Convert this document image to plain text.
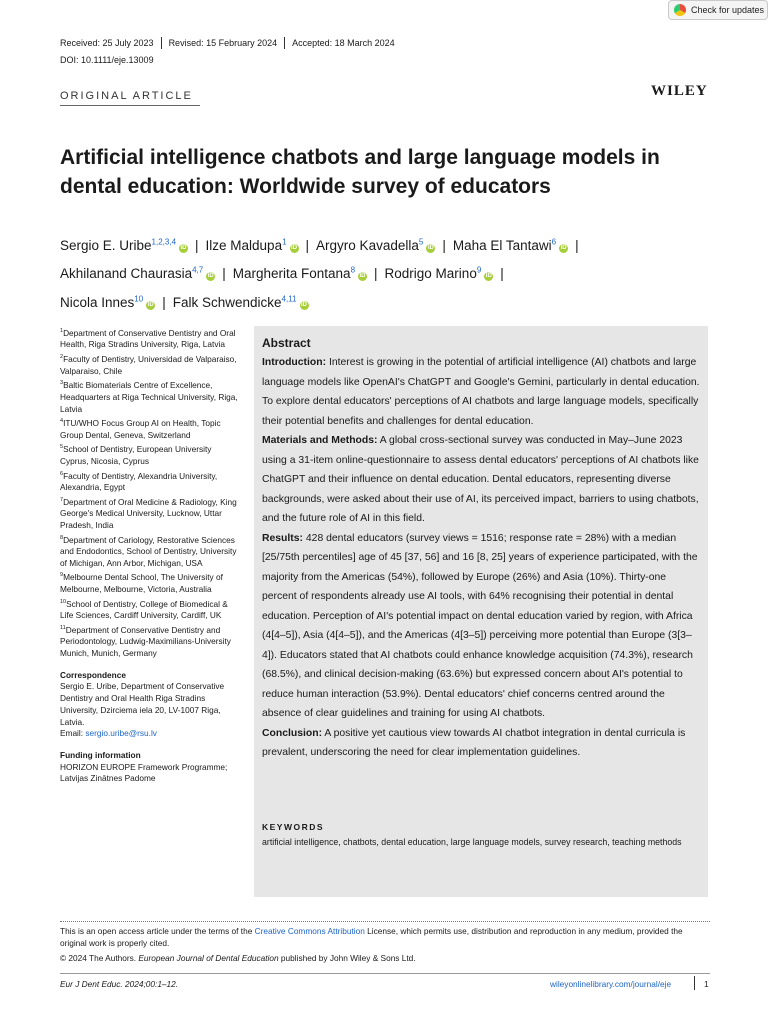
Check for updates
Received: 25 July 2023	Revised: 15 February 2024	Accepted: 18 March 2024
DOI: 10.1111/eje.13009
ORIGINAL ARTICLE	WILEY
Artificial intelligence chatbots and large language models in dental education: Worldwide survey of educators
Sergio E. Uribe$^{1,2,3,4}$iD | Ilze Maldupa$^1$iD | Argyro Kavadella$^5$iD | Maha El Tantawi$^6$iD |
Akhilanand Chaurasia$^{4,7}$iD | Margherita Fontana$^8$iD | Rodrigo Marino$^9$iD |
Nicola Innes$^{10}$iD | Falk Schwendicke$^{4,11}$iD
$^1$Department of Conservative Dentistry and Oral Health, Riga Stradins University, Riga, Latvia
$^2$Faculty of Dentistry, Universidad de Valparaiso, Valparaiso, Chile
$^3$Baltic Biomaterials Centre of Excellence, Headquarters at Riga Technical University, Riga, Latvia
$^4$ITU/WHO Focus Group AI on Health, Topic Group Dental, Geneva, Switzerland
$^5$School of Dentistry, European University Cyprus, Nicosia, Cyprus
$^6$Faculty of Dentistry, Alexandria University, Alexandria, Egypt
$^7$Department of Oral Medicine & Radiology, King George's Medical University, Lucknow, Uttar Pradesh, India
$^8$Department of Cariology, Restorative Sciences and Endodontics, School of Dentistry, University of Michigan, Ann Arbor, Michigan, USA
$^9$Melbourne Dental School, The University of Melbourne, Melbourne, Victoria, Australia
$^{10}$School of Dentistry, College of Biomedical & Life Sciences, Cardiff University, Cardiff, UK
$^{11}$Department of Conservative Dentistry and Periodontology, Ludwig-Maximilians-University Munich, Munich, Germany
Correspondence
Sergio E. Uribe, Department of Conservative Dentistry and Oral Health Riga Stradins University, Dzirciema iela 20, LV-1007 Riga, Latvia.
Email: sergio.uribe@rsu.lv
Funding information
HORIZON EUROPE Framework Programme; Latvijas Zinātnes Padome
Abstract
Introduction: Interest is growing in the potential of artificial intelligence (AI) chatbots and large language models like OpenAI's ChatGPT and Google's Gemini, particularly in dental education. To explore dental educators' perceptions of AI chatbots and large language models, specifically their potential benefits and challenges for dental education.
Materials and Methods: A global cross-sectional survey was conducted in May–June 2023 using a 31-item online-questionnaire to assess dental educators' perceptions of AI chatbots like ChatGPT and their influence on dental education. Dental educators, representing diverse backgrounds, were asked about their use of AI, its perceived impact, barriers to using chatbots, and the future role of AI in this field.
Results: 428 dental educators (survey views = 1516; response rate = 28%) with a median [25/75th percentiles] age of 45 [37, 56] and 16 [8, 25] years of experience participated, with the majority from the Americas (54%), followed by Europe (26%) and Asia (10%). Thirty-one percent of respondents already use AI tools, with 64% recognising their potential in dental education. Perception of AI's potential impact on dental education varied by region, with Africa (4[4–5]), Asia (4[4–5]), and the Americas (4[3–5]) perceiving more potential than Europe (3[3–4]). Educators stated that AI chatbots could enhance knowledge acquisition (74.3%), research (68.5%), and clinical decision-making (63.6%) but expressed concern about AI's potential to reduce human interaction (53.9%). Dental educators' chief concerns centred around the absence of clear guidelines and training for using AI chatbots.
Conclusion: A positive yet cautious view towards AI chatbot integration in dental curricula is prevalent, underscoring the need for clear implementation guidelines.
KEYWORDS
artificial intelligence, chatbots, dental education, large language models, survey research, teaching methods
This is an open access article under the terms of the Creative Commons Attribution License, which permits use, distribution and reproduction in any medium, provided the original work is properly cited.
© 2024 The Authors. European Journal of Dental Education published by John Wiley & Sons Ltd.
Eur J Dent Educ. 2024;00:1–12.	wileyonlinelibrary.com/journal/eje	1
